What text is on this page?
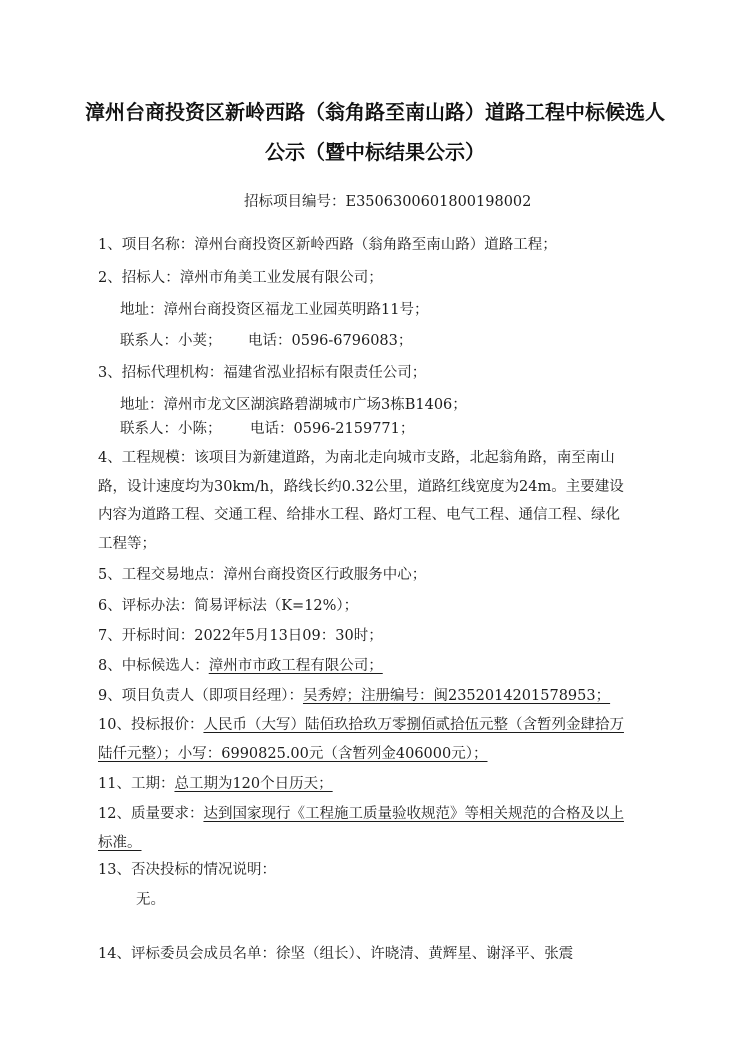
漳州台商投资区新岭西路（翁角路至南山路）道路工程中标候选人
公示（暨中标结果公示）
招标项目编号：E3506300601800198002
1、项目名称：漳州台商投资区新岭西路（翁角路至南山路）道路工程；
2、招标人：漳州市角美工业发展有限公司；
地址：漳州台商投资区福龙工业园英明路11号；
联系人：小荚； 电话：0596-6796083；
3、招标代理机构：福建省泓业招标有限责任公司；
地址：漳州市龙文区湖滨路碧湖城市广场3栋B1406；
联系人：小陈； 电话：0596-2159771；
4、工程规模：该项目为新建道路，为南北走向城市支路，北起翁角路，南至南山
路，设计速度均为30km/h，路线长约0.32公里，道路红线宽度为24m。主要建设
内容为道路工程、交通工程、给排水工程、路灯工程、电气工程、通信工程、绿化
工程等；
5、工程交易地点：漳州台商投资区行政服务中心；
6、评标办法：简易评标法（K=12%）；
7、开标时间：2022年5月13日09：30时；
8、中标候选人：漳州市市政工程有限公司；
9、项目负责人（即项目经理）：吴秀婷；注册编号：闽2352014201578953；
10、投标报价：人民币（大写）陆佰玖拾玖万零捌佰贰拾伍元整（含暂列金肆拾万
陆仟元整）；小写：6990825.00元（含暂列金406000元）；
11、工期：总工期为120个日历天；
12、质量要求：达到国家现行《工程施工质量验收规范》等相关规范的合格及以上
标准。
13、否决投标的情况说明：
无。
14、评标委员会成员名单：徐坚（组长）、许晓清、黄辉星、谢泽平、张震
